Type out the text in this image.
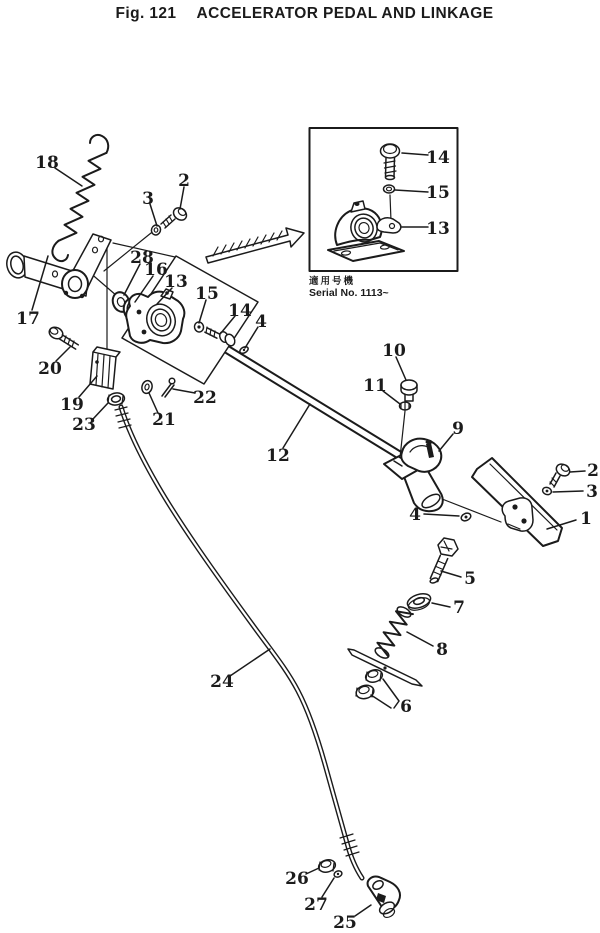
Fig. 121 ACCELERATOR PEDAL AND LINKAGE
適用号機
Serial No. 1113~
18
3
2
17
28
16
13
15
14
4
20
19
23	21
22
10
11
9
12
2
3
1
4
5
7
8
6
24
26
27
25
14
15
13
